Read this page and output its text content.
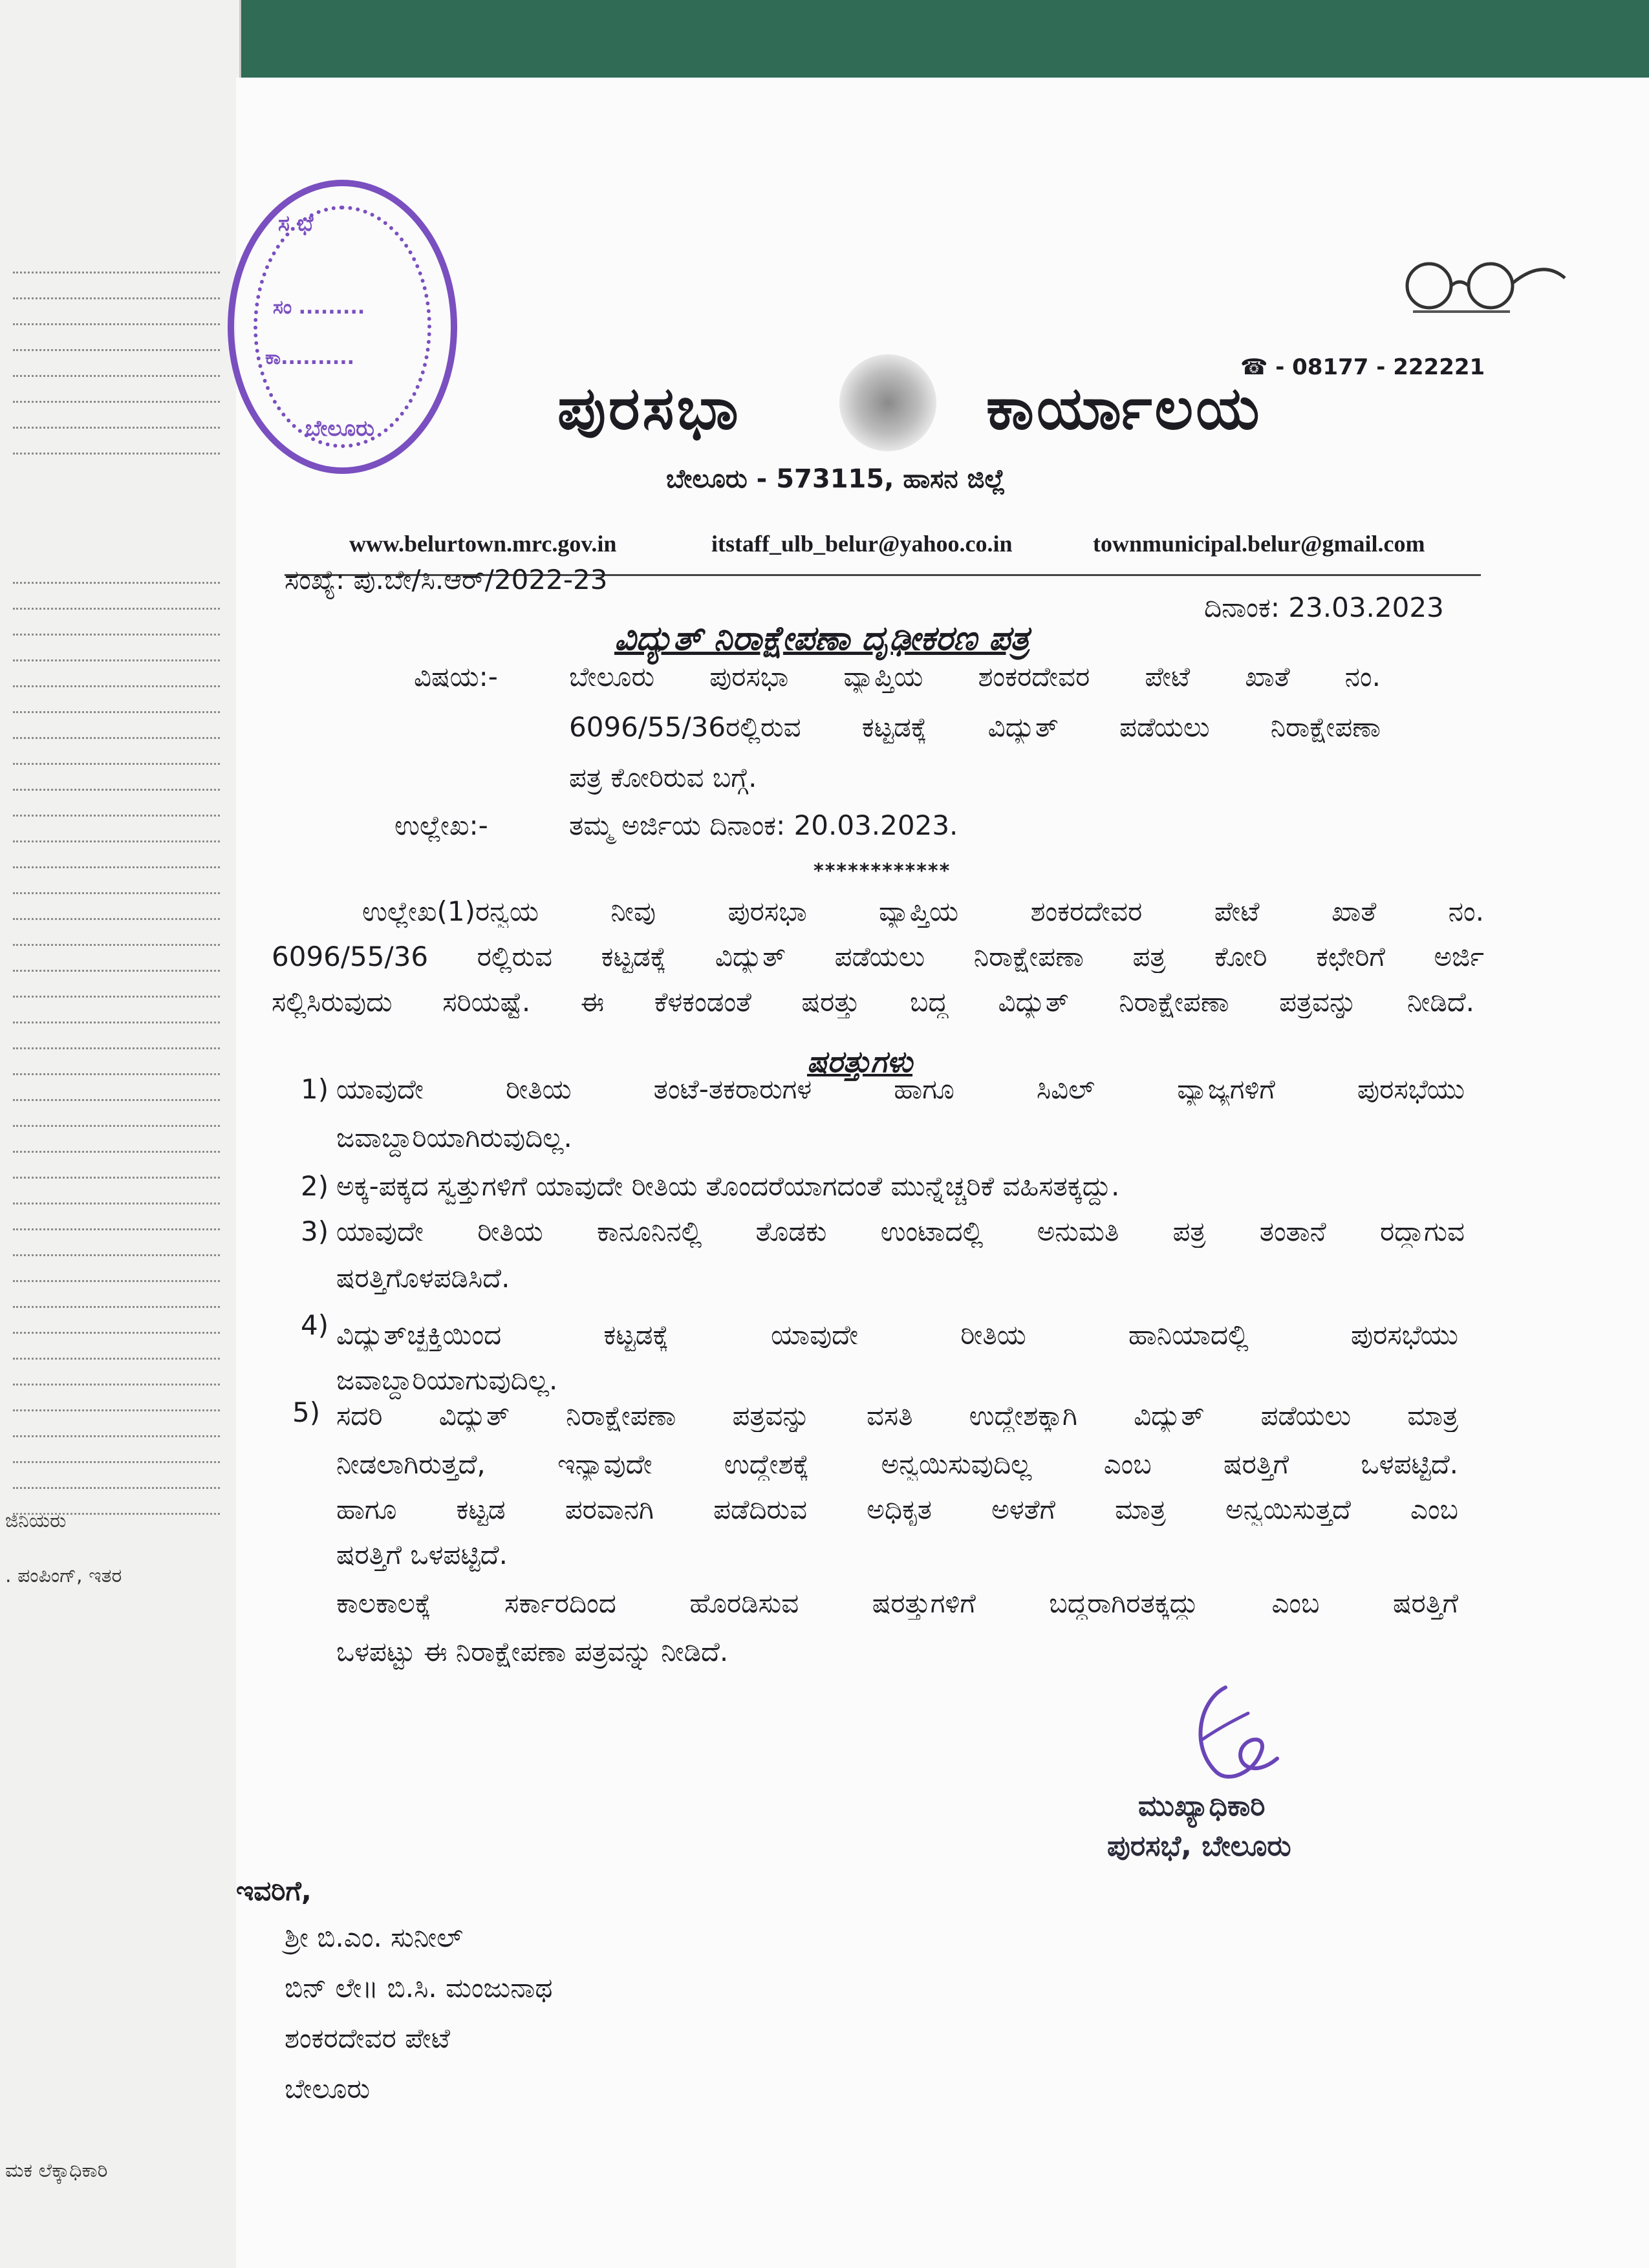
ಜಿನಿಯರು
. ಪಂಪಿಂಗ್, ಇತರ
ಮಕ ಲೆಕ್ಕಾಧಿಕಾರಿ
ಸ ಭೆ
ಸಂ .........
ಕಾ..........
ಬೇಲೂರು
☎ - 08177 - 222221
ಪುರಸಭಾ	ಕಾರ್ಯಾಲಯ
ಬೇಲೂರು - 573115, ಹಾಸನ ಜಿಲ್ಲೆ
www.belurtown.mrc.gov.in	itstaff_ulb_belur@yahoo.co.in	townmunicipal.belur@gmail.com
ಸಂಖ್ಯೆ: ಪು.ಬೇ/ಸಿ.ಆರ್/2022-23
ದಿನಾಂಕ: 23.03.2023
ವಿದ್ಯುತ್ ನಿರಾಕ್ಷೇಪಣಾ ದೃಢೀಕರಣ ಪತ್ರ
ವಿಷಯ:-	ಬೇಲೂರು ಪುರಸಭಾ ವ್ಯಾಪ್ತಿಯ ಶಂಕರದೇವರ ಪೇಟೆ ಖಾತೆ ನಂ.
6096/55/36ರಲ್ಲಿರುವ ಕಟ್ಟಡಕ್ಕೆ ವಿದ್ಯುತ್ ಪಡೆಯಲು ನಿರಾಕ್ಷೇಪಣಾ
ಪತ್ರ ಕೋರಿರುವ ಬಗ್ಗೆ.
ಉಲ್ಲೇಖ:-	ತಮ್ಮ ಅರ್ಜಿಯ ದಿನಾಂಕ: 20.03.2023.
************
ಉಲ್ಲೇಖ(1)ರನ್ವಯ ನೀವು ಪುರಸಭಾ ವ್ಯಾಪ್ತಿಯ ಶಂಕರದೇವರ ಪೇಟೆ ಖಾತೆ ನಂ.
6096/55/36 ರಲ್ಲಿರುವ ಕಟ್ಟಡಕ್ಕೆ ವಿದ್ಯುತ್ ಪಡೆಯಲು ನಿರಾಕ್ಷೇಪಣಾ ಪತ್ರ ಕೋರಿ ಕಛೇರಿಗೆ ಅರ್ಜಿ
ಸಲ್ಲಿಸಿರುವುದು ಸರಿಯಷ್ಟೆ. ಈ ಕೆಳಕಂಡಂತೆ ಷರತ್ತು ಬದ್ಧ ವಿದ್ಯುತ್ ನಿರಾಕ್ಷೇಪಣಾ ಪತ್ರವನ್ನು ನೀಡಿದೆ.
ಷರತ್ತುಗಳು
1) ಯಾವುದೇ ರೀತಿಯ ತಂಟೆ-ತಕರಾರುಗಳ ಹಾಗೂ ಸಿವಿಲ್ ವ್ಯಾಜ್ಯಗಳಿಗೆ ಪುರಸಭೆಯು
ಜವಾಬ್ದಾರಿಯಾಗಿರುವುದಿಲ್ಲ.
2) ಅಕ್ಕ-ಪಕ್ಕದ ಸ್ವತ್ತುಗಳಿಗೆ ಯಾವುದೇ ರೀತಿಯ ತೊಂದರೆಯಾಗದಂತೆ ಮುನ್ನೆಚ್ಚರಿಕೆ ವಹಿಸತಕ್ಕದ್ದು.
3) ಯಾವುದೇ ರೀತಿಯ ಕಾನೂನಿನಲ್ಲಿ ತೊಡಕು ಉಂಟಾದಲ್ಲಿ ಅನುಮತಿ ಪತ್ರ ತಂತಾನೆ ರದ್ದಾಗುವ
ಷರತ್ತಿಗೊಳಪಡಿಸಿದೆ.
4) ವಿದ್ಯುತ್‌ಚ್ಛಕ್ತಿಯಿಂದ ಕಟ್ಟಡಕ್ಕೆ ಯಾವುದೇ ರೀತಿಯ ಹಾನಿಯಾದಲ್ಲಿ ಪುರಸಭೆಯು
ಜವಾಬ್ದಾರಿಯಾಗುವುದಿಲ್ಲ.
5) ಸದರಿ ವಿದ್ಯುತ್ ನಿರಾಕ್ಷೇಪಣಾ ಪತ್ರವನ್ನು ವಸತಿ ಉದ್ದೇಶಕ್ಕಾಗಿ ವಿದ್ಯುತ್ ಪಡೆಯಲು ಮಾತ್ರ
ನೀಡಲಾಗಿರುತ್ತದೆ, ಇನ್ಯಾವುದೇ ಉದ್ದೇಶಕ್ಕೆ ಅನ್ವಯಿಸುವುದಿಲ್ಲ ಎಂಬ ಷರತ್ತಿಗೆ ಒಳಪಟ್ಟಿದೆ.
ಹಾಗೂ ಕಟ್ಟಡ ಪರವಾನಗಿ ಪಡೆದಿರುವ ಅಧಿಕೃತ ಅಳತೆಗೆ ಮಾತ್ರ ಅನ್ವಯಿಸುತ್ತದೆ ಎಂಬ
ಷರತ್ತಿಗೆ ಒಳಪಟ್ಟಿದೆ.
ಕಾಲಕಾಲಕ್ಕೆ ಸರ್ಕಾರದಿಂದ ಹೊರಡಿಸುವ ಷರತ್ತುಗಳಿಗೆ ಬದ್ಧರಾಗಿರತಕ್ಕದ್ದು ಎಂಬ ಷರತ್ತಿಗೆ
ಒಳಪಟ್ಟು ಈ ನಿರಾಕ್ಷೇಪಣಾ ಪತ್ರವನ್ನು ನೀಡಿದೆ.
ಮುಖ್ಯಾಧಿಕಾರಿ
ಪುರಸಭೆ, ಬೇಲೂರು
ಇವರಿಗೆ,
ಶ್ರೀ ಬಿ.ಎಂ. ಸುನೀಲ್
ಬಿನ್ ಲೇ॥ ಬಿ.ಸಿ. ಮಂಜುನಾಥ
ಶಂಕರದೇವರ ಪೇಟೆ
ಬೇಲೂರು
